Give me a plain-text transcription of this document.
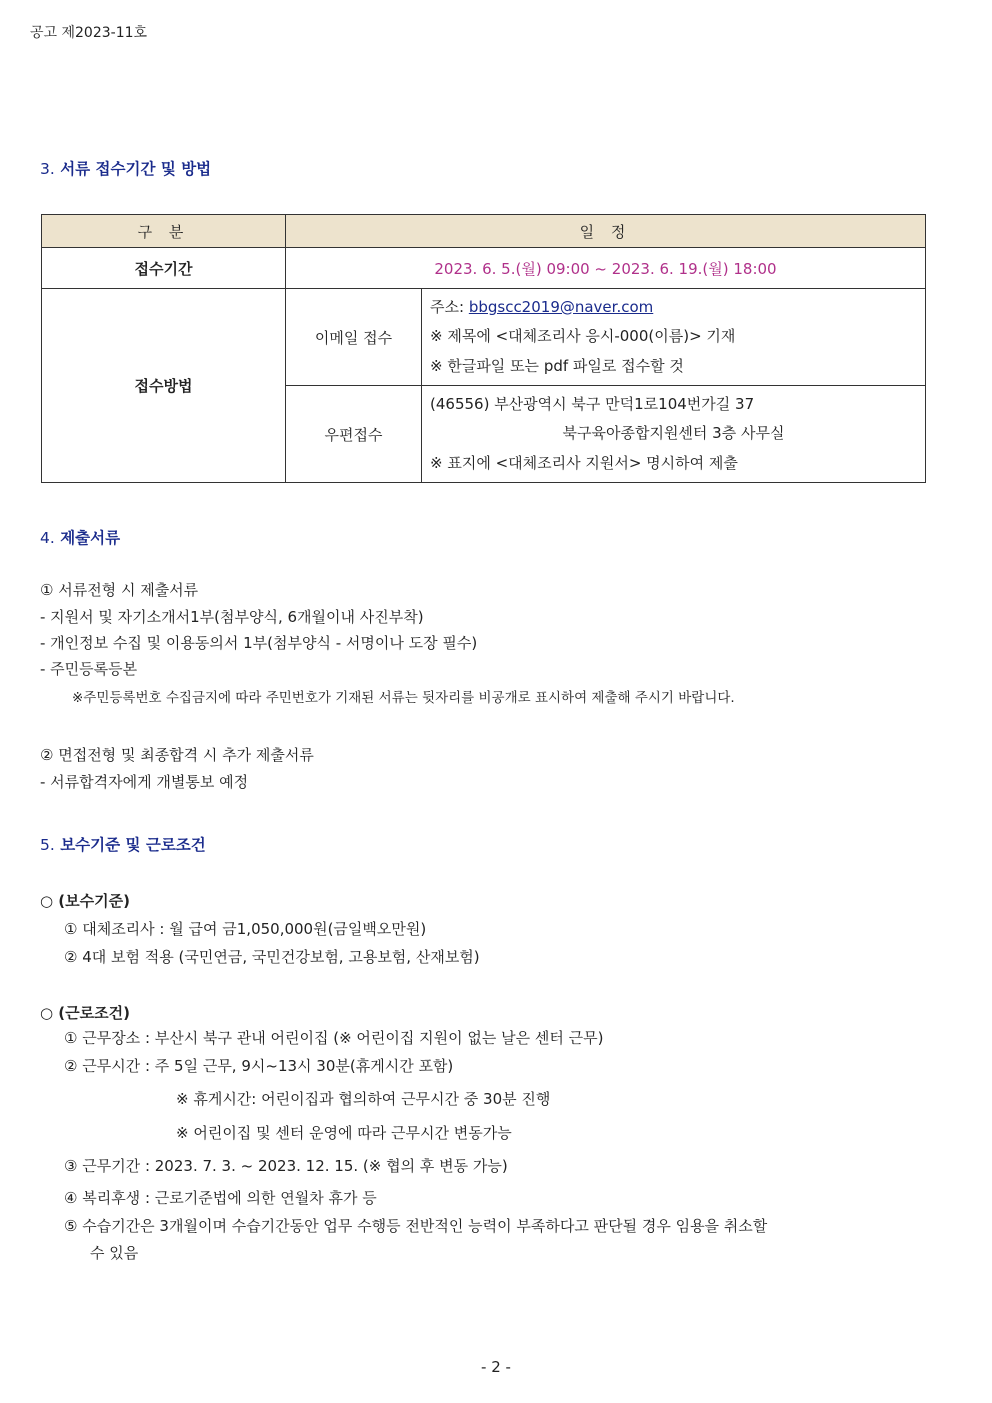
공고 제2023-11호
3. 서류 접수기간 및 방법
구 분	일 정	
접수기간	2023. 6. 5.(월) 09:00 ~ 2023. 6. 19.(월) 18:00	
접수방법	이메일 접수	주소: bbgscc2019@naver.com
※ 제목에 <대체조리사 응시-000(이름)> 기재
※ 한글파일 또는 pdf 파일로 접수할 것

	우편접수	(46556) 부산광역시 북구 만덕1로104번가길 37
북구육아종합지원센터 3층 사무실
※ 표지에 <대체조리사 지원서> 명시하여 제출
4. 제출서류
① 서류전형 시 제출서류
- 지원서 및 자기소개서1부(첨부양식, 6개월이내 사진부착)
- 개인정보 수집 및 이용동의서 1부(첨부양식 - 서명이나 도장 필수)
- 주민등록등본
※주민등록번호 수집금지에 따라 주민번호가 기재된 서류는 뒷자리를 비공개로 표시하여 제출해 주시기 바랍니다.
② 면접전형 및 최종합격 시 추가 제출서류
- 서류합격자에게 개별통보 예정
5. 보수기준 및 근로조건
○ (보수기준)
① 대체조리사 : 월 급여 금1,050,000원(금일백오만원)
② 4대 보험 적용 (국민연금, 국민건강보험, 고용보험, 산재보험)
○ (근로조건)
① 근무장소 : 부산시 북구 관내 어린이집 (※ 어린이집 지원이 없는 날은 센터 근무)
② 근무시간 : 주 5일 근무, 9시~13시 30분(휴게시간 포함)
※ 휴게시간: 어린이집과 협의하여 근무시간 중 30분 진행
※ 어린이집 및 센터 운영에 따라 근무시간 변동가능
③ 근무기간 : 2023. 7. 3. ~ 2023. 12. 15. (※ 협의 후 변동 가능)
④ 복리후생 : 근로기준법에 의한 연월차 휴가 등
⑤ 수습기간은 3개월이며 수습기간동안 업무 수행등 전반적인 능력이 부족하다고 판단될 경우 임용을 취소할
수 있음
- 2 -
